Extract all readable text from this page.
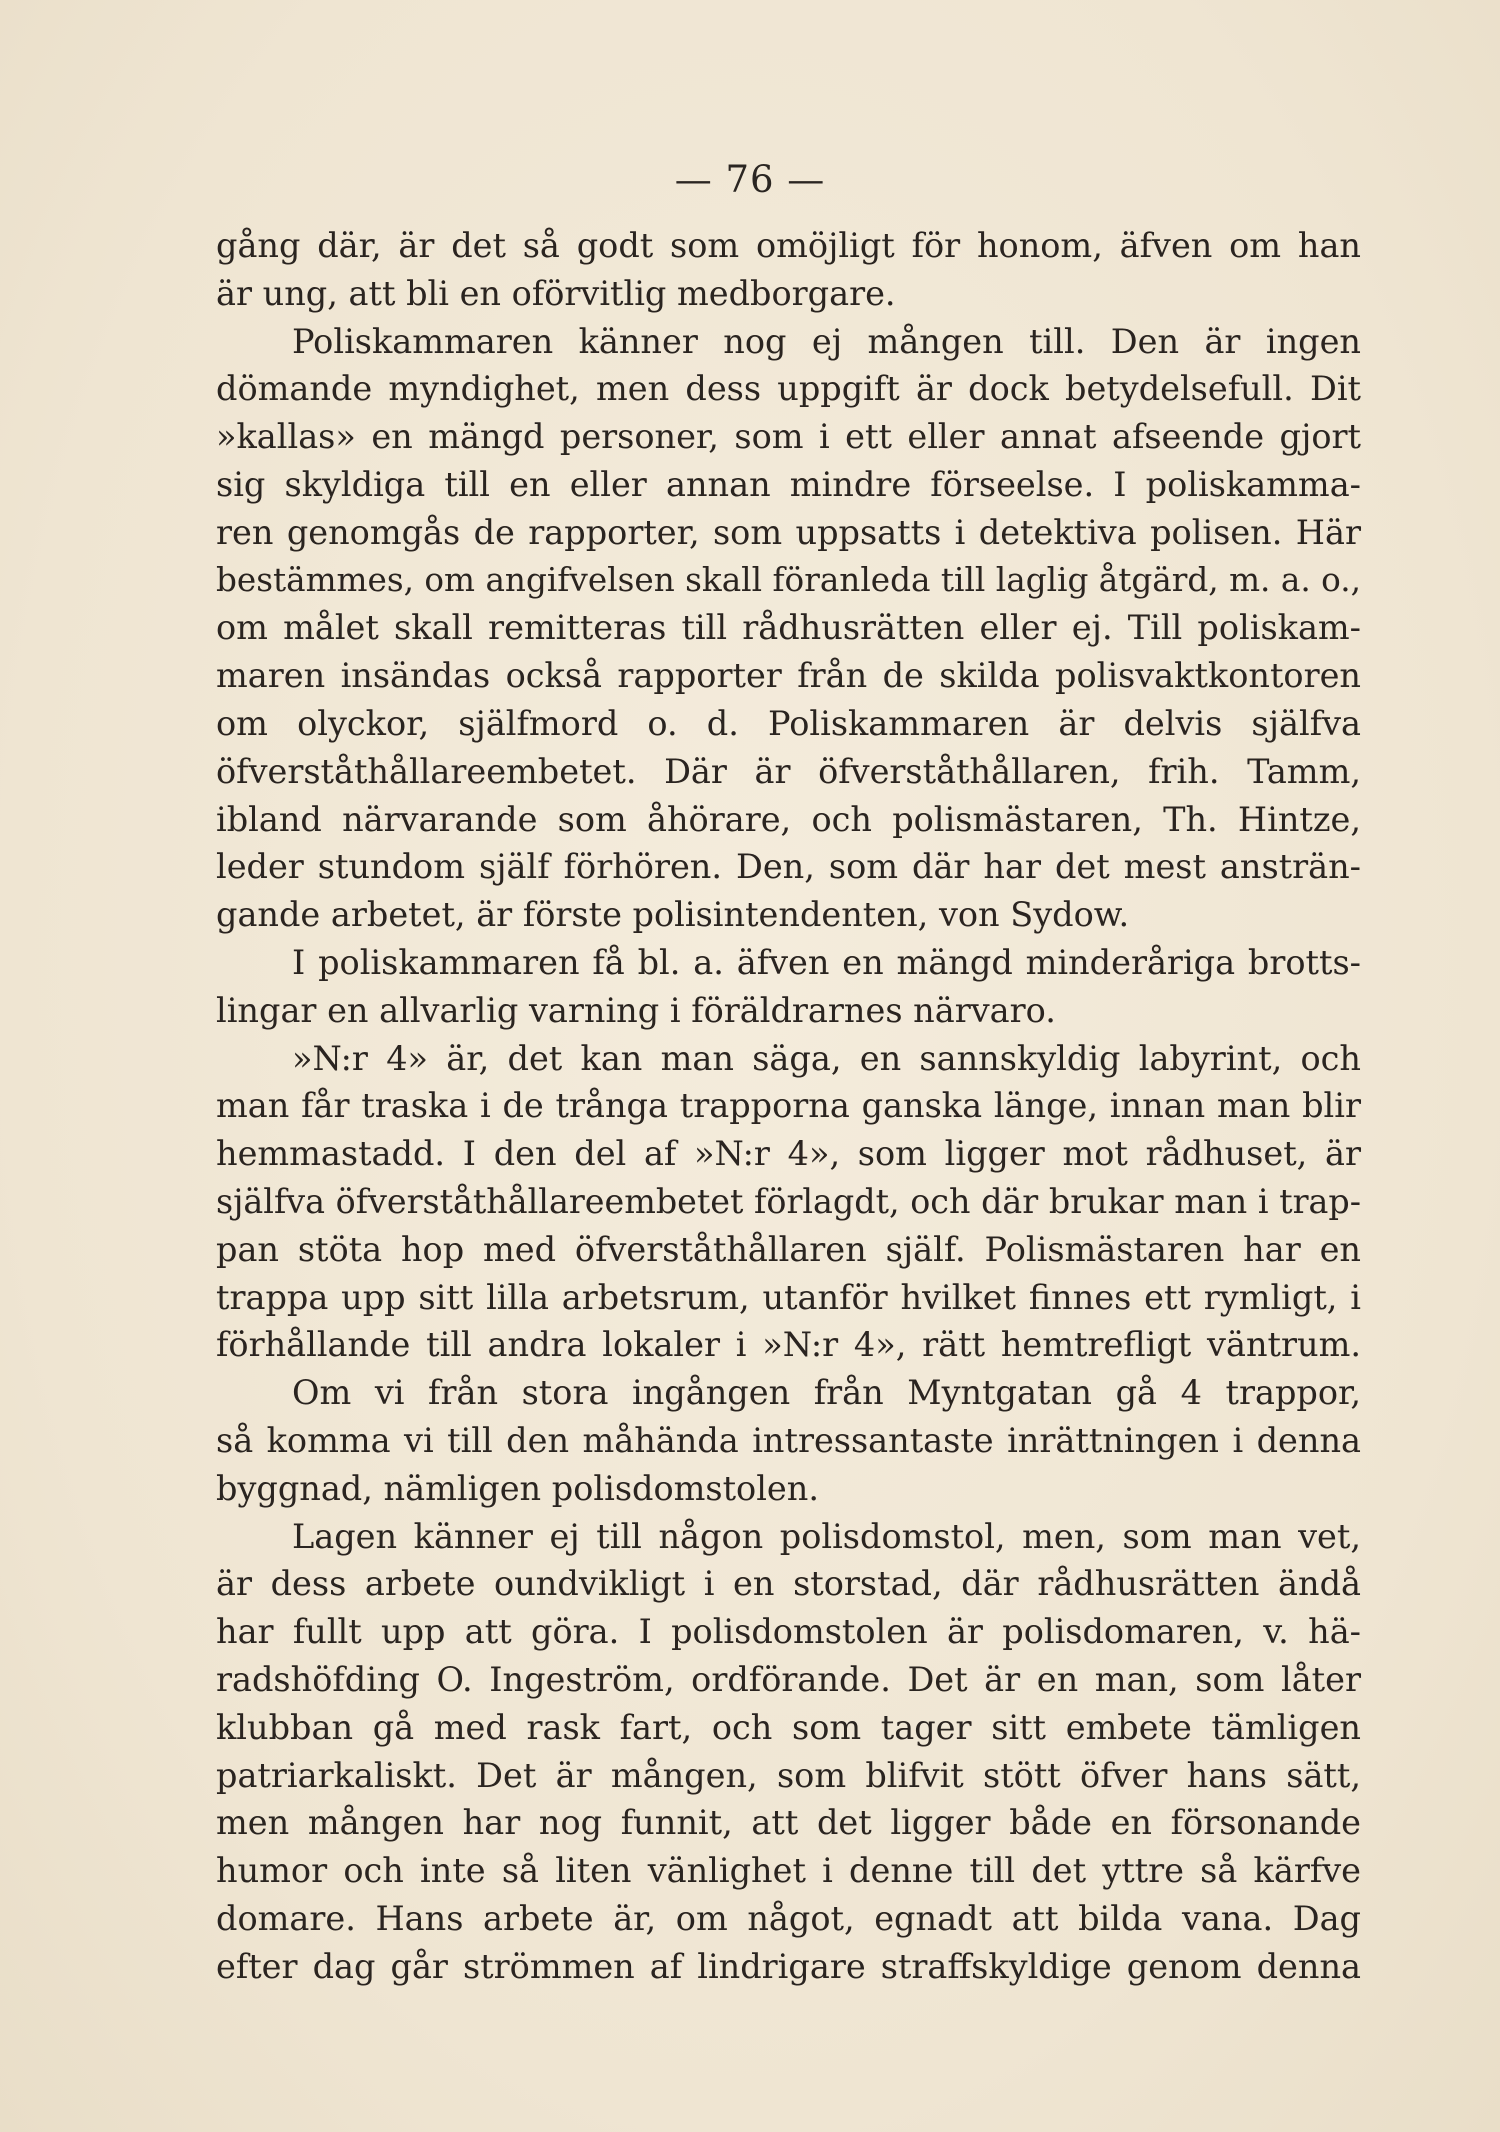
— 76 —
gång där, är det så godt som omöjligt för honom, äfven om han
är ung, att bli en oförvitlig medborgare.
Poliskammaren känner nog ej mången till. Den är ingen
dömande myndighet, men dess uppgift är dock betydelsefull. Dit
»kallas» en mängd personer, som i ett eller annat afseende gjort
sig skyldiga till en eller annan mindre förseelse. I poliskamma-
ren genomgås de rapporter, som uppsatts i detektiva polisen. Här
bestämmes, om angifvelsen skall föranleda till laglig åtgärd, m. a. o.,
om målet skall remitteras till rådhusrätten eller ej. Till poliskam-
maren insändas också rapporter från de skilda polisvaktkontoren
om olyckor, själfmord o. d. Poliskammaren är delvis själfva
öfverståthållareembetet. Där är öfverståthållaren, frih. Tamm,
ibland närvarande som åhörare, och polismästaren, Th. Hintze,
leder stundom själf förhören. Den, som där har det mest ansträn-
gande arbetet, är förste polisintendenten, von Sydow.
I poliskammaren få bl. a. äfven en mängd minderåriga brotts-
lingar en allvarlig varning i föräldrarnes närvaro.
»N:r 4» är, det kan man säga, en sannskyldig labyrint, och
man får traska i de trånga trapporna ganska länge, innan man blir
hemmastadd. I den del af »N:r 4», som ligger mot rådhuset, är
själfva öfverståthållareembetet förlagdt, och där brukar man i trap-
pan stöta hop med öfverståthållaren själf. Polismästaren har en
trappa upp sitt lilla arbetsrum, utanför hvilket finnes ett rymligt, i
förhållande till andra lokaler i »N:r 4», rätt hemtrefligt väntrum.
Om vi från stora ingången från Myntgatan gå 4 trappor,
så komma vi till den måhända intressantaste inrättningen i denna
byggnad, nämligen polisdomstolen.
Lagen känner ej till någon polisdomstol, men, som man vet,
är dess arbete oundvikligt i en storstad, där rådhusrätten ändå
har fullt upp att göra. I polisdomstolen är polisdomaren, v. hä-
radshöfding O. Ingeström, ordförande. Det är en man, som låter
klubban gå med rask fart, och som tager sitt embete tämligen
patriarkaliskt. Det är mången, som blifvit stött öfver hans sätt,
men mången har nog funnit, att det ligger både en försonande
humor och inte så liten vänlighet i denne till det yttre så kärfve
domare. Hans arbete är, om något, egnadt att bilda vana. Dag
efter dag går strömmen af lindrigare straffskyldige genom denna
